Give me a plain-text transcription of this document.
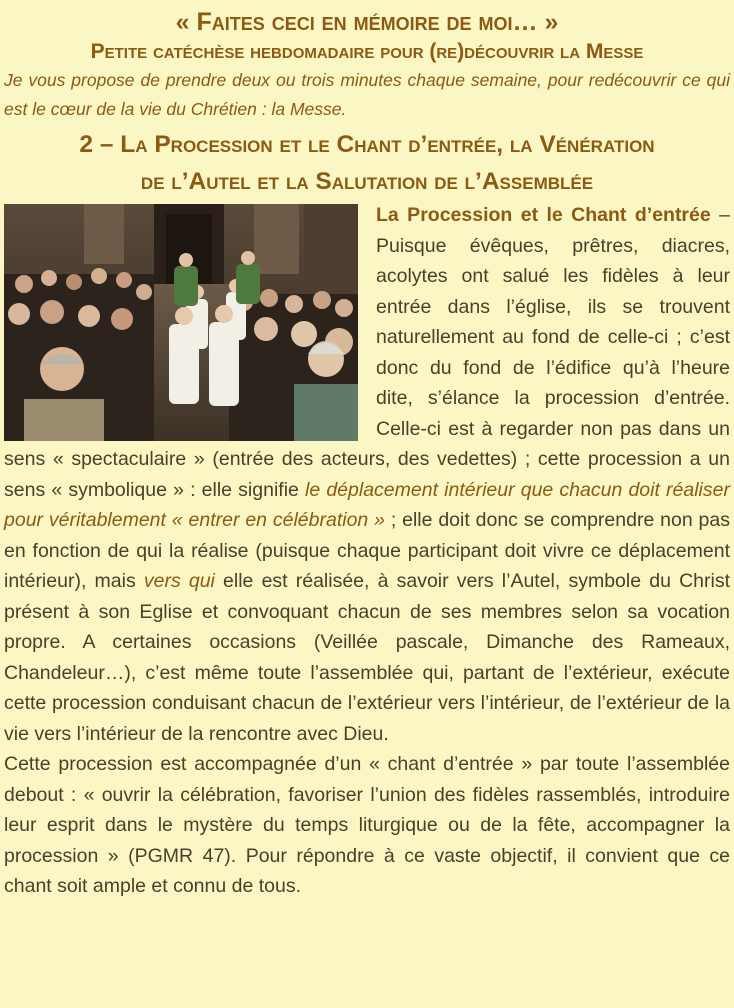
« Faites ceci en mémoire de moi… »
Petite catéchèse hebdomadaire pour (re)découvrir la Messe

Je vous propose de prendre deux ou trois minutes chaque semaine, pour redécouvrir ce qui est le cœur de la vie du Chrétien : la Messe.

2 – La Procession et le Chant d’entrée, la Vénération
de l’Autel et la Salutation de l’Assemblée

La Procession et le Chant d’entrée – Puisque évêques, prêtres, diacres, acolytes ont salué les fidèles à leur entrée dans l’église, ils se trouvent naturellement au fond de celle-ci ; c’est donc du fond de l’édifice qu’à l’heure dite, s’élance la procession d’entrée. Celle-ci est à regarder non pas dans un sens « spectaculaire » (entrée des acteurs, des vedettes) ; cette procession a un sens « symbolique » : elle signifie le déplacement intérieur que chacun doit réaliser pour véritablement « entrer en célébration » ; elle doit donc se comprendre non pas en fonction de qui la réalise (puisque chaque participant doit vivre ce déplacement intérieur), mais vers qui elle est réalisée, à savoir vers l’Autel, symbole du Christ présent à son Eglise et convoquant chacun de ses membres selon sa vocation propre. A certaines occasions (Veillée pascale, Dimanche des Rameaux, Chandeleur…), c’est même toute l’assemblée qui, partant de l’extérieur, exécute cette procession conduisant chacun de l’extérieur vers l’intérieur, de l’extérieur de la vie vers l’intérieur de la rencontre avec Dieu.

Cette procession est accompagnée d’un « chant d’entrée » par toute l’assemblée debout : « ouvrir la célébration, favoriser l’union des fidèles rassemblés, introduire leur esprit dans le mystère du temps liturgique ou de la fête, accompagner la procession » (PGMR 47). Pour répondre à ce vaste objectif, il convient que ce chant soit ample et connu de tous.
